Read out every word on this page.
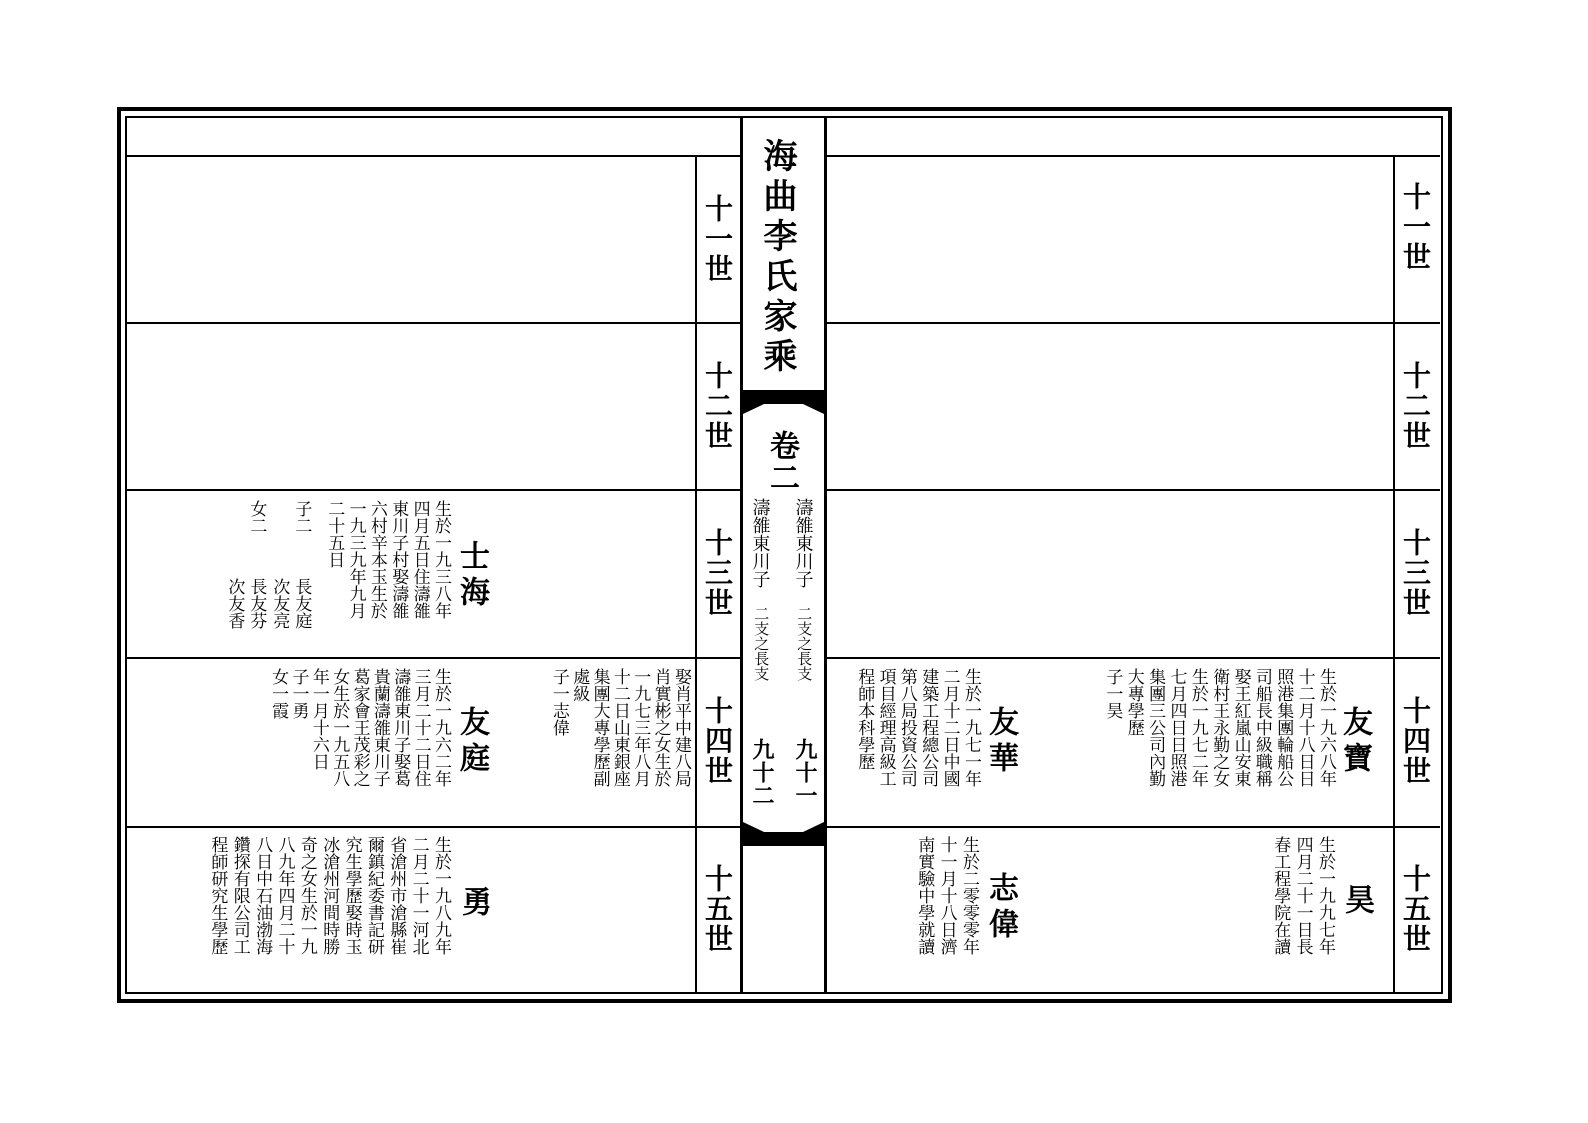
海曲李氏家乘
卷二
濤雒東川子
二支之長支
九十一
濤雒東川子
二支之長支
九十二
十一世
十二世
十三世
十四世
十五世
十一世
十二世
十三世
十四世
十五世
士海
生於一九三八年
四月五日住濤雒
東川子村娶濤雒
六村辛本玉生於
一九三九年九月
二十五日
子二
長友庭
次友亮
女二
長友芬
次友香
友庭
生於一九六二年
三月二十二日住
濤雒東川子娶葛
貴蘭濤雒東川子
葛家會王茂彩之
女生於一九五八
年一月十六日
子一勇
女一霞	娶肖平中建八局
肖實彬之女生於
一九七三年八月
十二日山東銀座
集團大專學歷副
處級
子一志偉
勇
生於一九八九年
二月二十一河北
省滄州市滄縣崔
爾鎮紀委書記研
究生學歷娶時玉
冰滄州河間時勝
奇之女生於一九
八九年四月二十
八日中石油渤海
鑽探有限公司工
程師研究生學歷
友寶
生於一九六八年
十二月十八日日
照港集團輪船公
司船長中級職稱
娶王紅嵐山安東
衛村王永勤之女
生於一九七二年
七月四日日照港
集團三公司內勤
大專學歷
子一昊
友華
生於一九七一年
二月十二日中國
建築工程總公司
第八局投資公司
項目經理高級工
程師本科學歷
昊
生於一九九七年
四月二十一日長
春工程學院在讀
志偉
生於二零零零年
十一月十八日濟
南實驗中學就讀
